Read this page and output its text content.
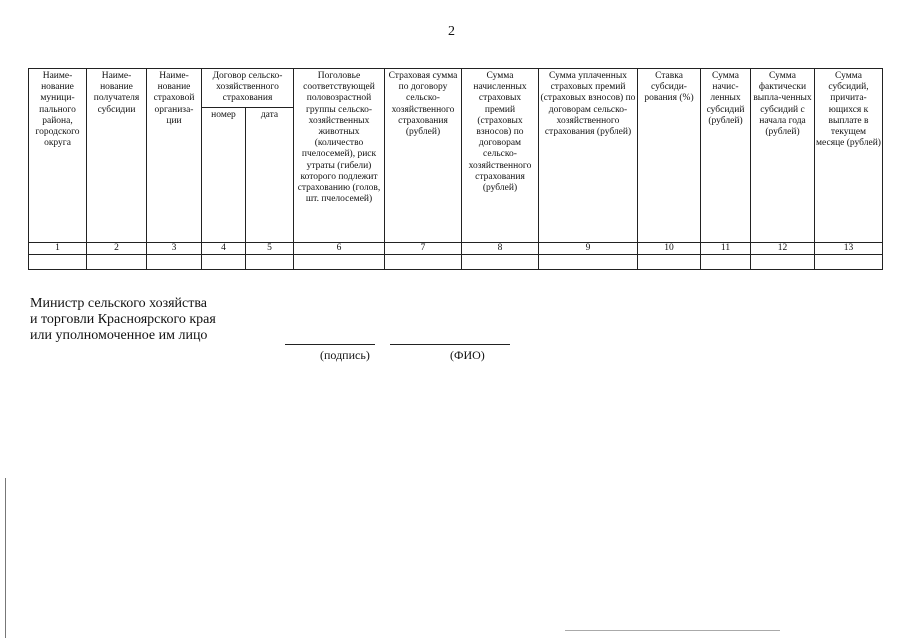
2
Наиме-нование муници-пального района, городского округа	Наиме-нование получателя субсидии	Наиме-нование страховой организа-ции	Договор сельско-хозяйственного страхования		Поголовье соответствующей половозрастной группы сельско-хозяйственных животных (количество пчелосемей), риск утраты (гибели) которого подлежит страхованию (голов, шт. пчелосемей)	Страховая сумма по договору сельско-хозяйственного страхования (рублей)	Сумма начисленных страховых премий (страховых взносов) по договорам сельско-хозяйственного страхования (рублей)	Сумма уплаченных страховых премий (страховых взносов) по договорам сельско-хозяйственного страхования (рублей)	Ставка субсиди-рования (%)	Сумма начис-ленных субсидий (рублей)	Сумма фактически выпла-ченных субсидий с начала года (рублей)	Сумма субсидий, причита-ющихся к выплате в текущем месяце (рублей)
			номер	дата								
1	2	3	4	5	6	7	8	9	10	11	12	13

Министр сельского хозяйства
и торговли Красноярского края
или уполномоченное им лицо
(подпись)	(ФИО)
